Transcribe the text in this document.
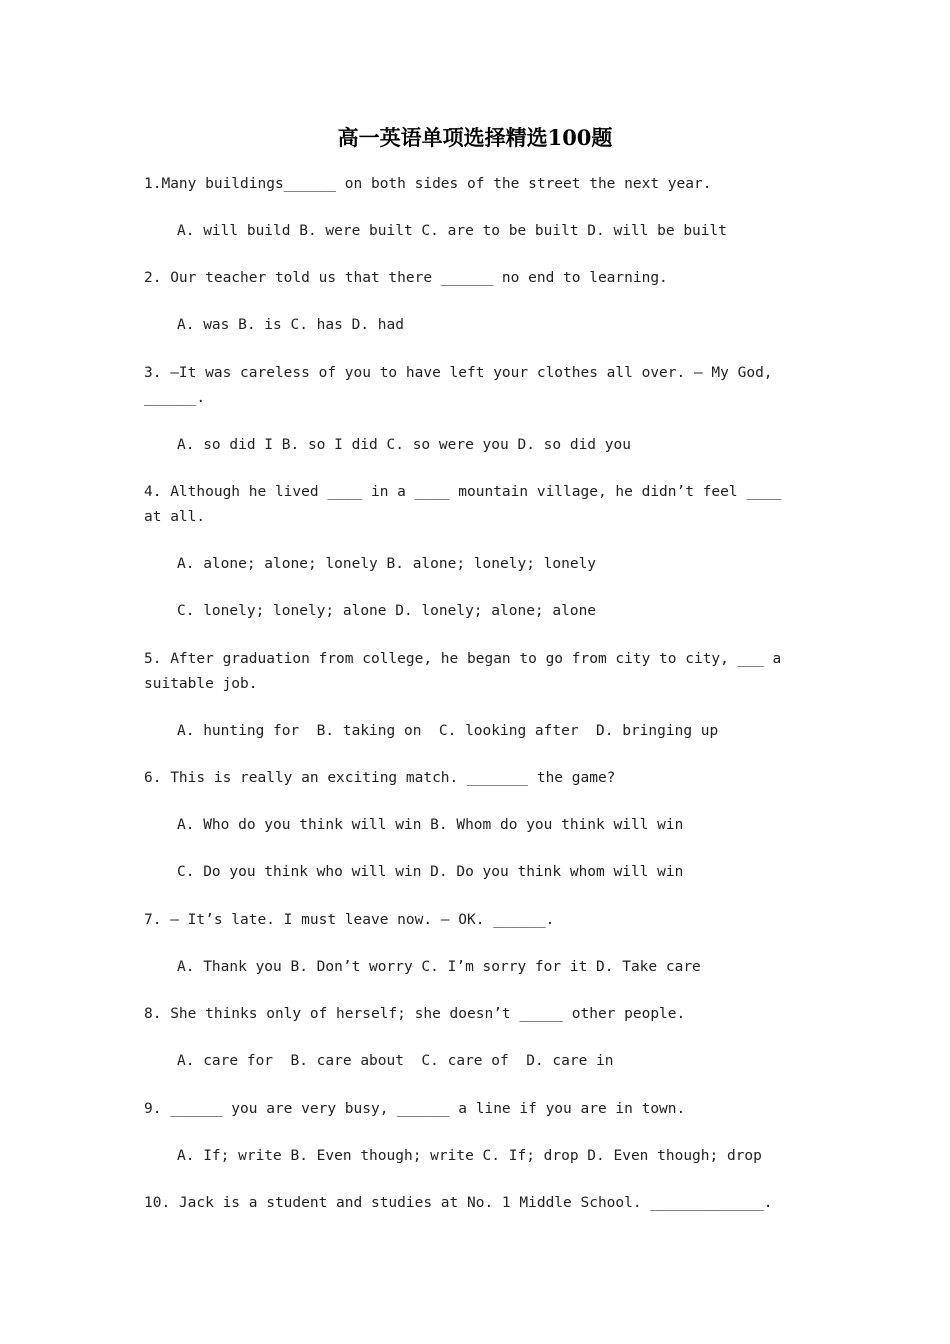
高一英语单项选择精选100题
1.Many buildings______ on both sides of the street the next year.
A. will build B. were built C. are to be built D. will be built
2. Our teacher told us that there ______ no end to learning.
A. was B. is C. has D. had
3. —It was careless of you to have left your clothes all over. — My God, ______.
A. so did I B. so I did C. so were you D. so did you
4. Although he lived ____ in a ____ mountain village, he didn’t feel ____ at all.
A. alone; alone; lonely B. alone; lonely; lonely
C. lonely; lonely; alone D. lonely; alone; alone
5. After graduation from college, he began to go from city to city, ___ a suitable job.
A. hunting for  B. taking on  C. looking after  D. bringing up
6. This is really an exciting match. _______ the game?
A. Who do you think will win B. Whom do you think will win
C. Do you think who will win D. Do you think whom will win
7. — It’s late. I must leave now. — OK. ______.
A. Thank you B. Don’t worry C. I’m sorry for it D. Take care
8. She thinks only of herself; she doesn’t _____ other people.
A. care for  B. care about  C. care of  D. care in
9. ______ you are very busy, ______ a line if you are in town.
A. If; write B. Even though; write C. If; drop D. Even though; drop
10. Jack is a student and studies at No. 1 Middle School. _____________.
